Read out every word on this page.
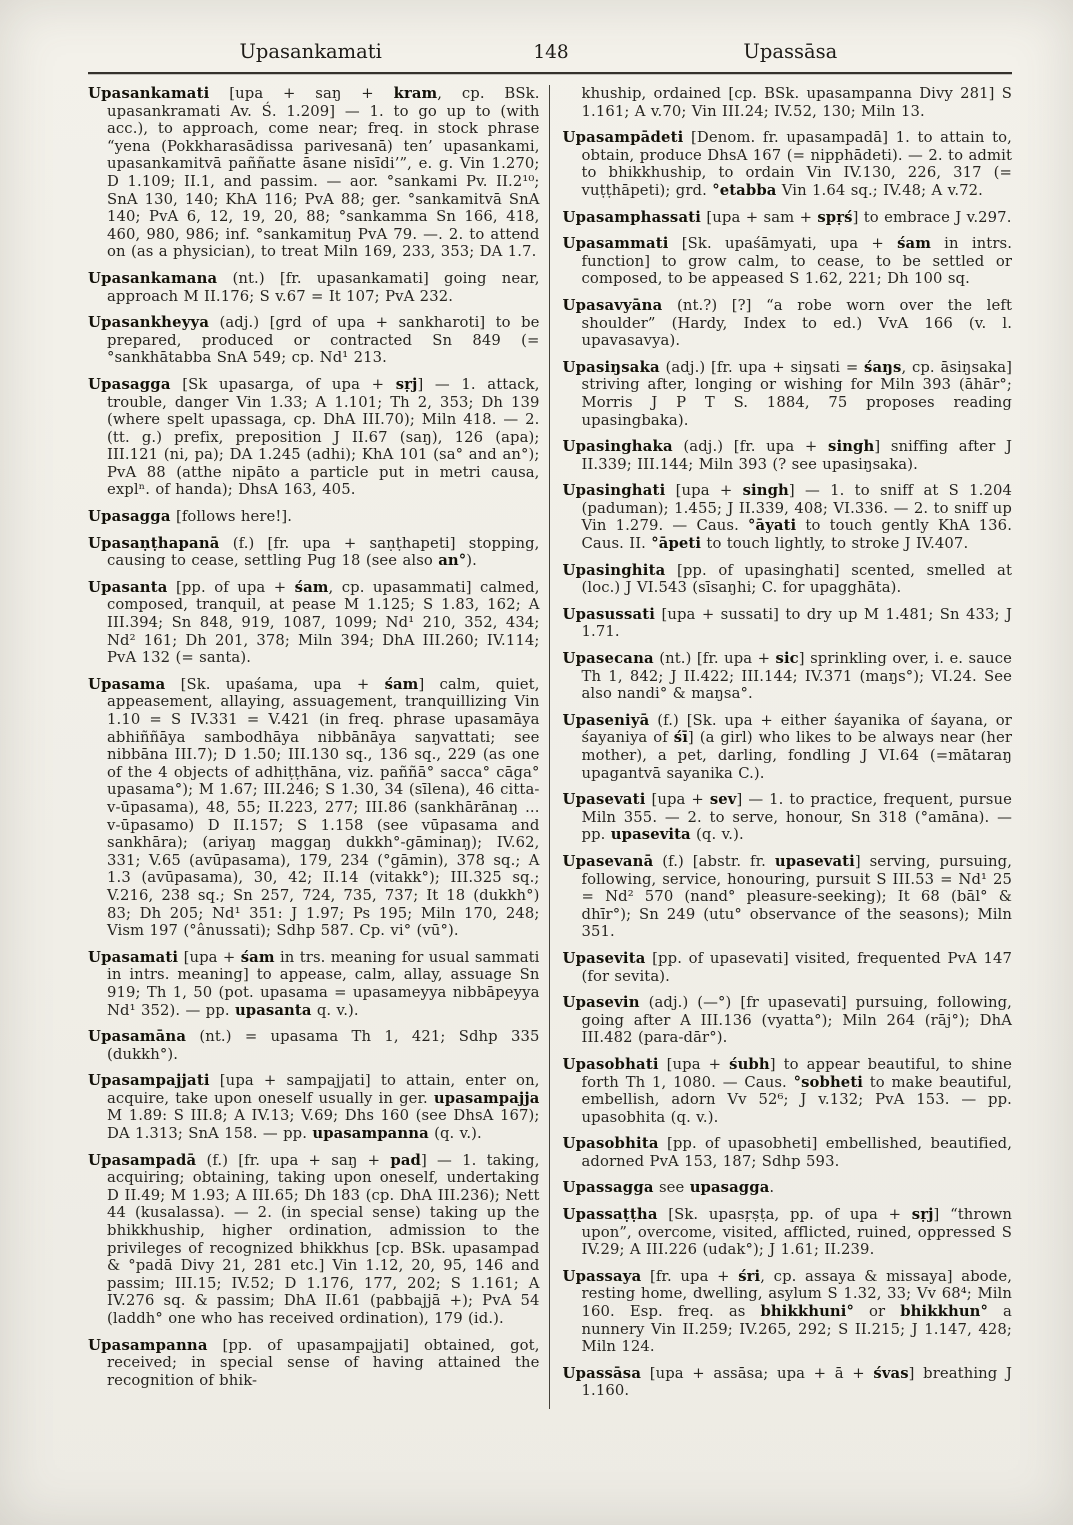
Upasankamati	148	Upassāsa

Upasankamati [upa + saŋ + kram, cp. BSk. upasankramati Av. Ś. 1.209] — 1. to go up to (with acc.), to approach, come near; freq. in stock phrase “yena (Pokkharasādissa parivesanā) ten’ upasankami, upasankamitvā paññatte āsane nisīdi’”, e. g. Vin 1.270; D 1.109; II.1, and passim. — aor. °sankami Pv. II.2¹⁰; SnA 130, 140; KhA 116; PvA 88; ger. °sankamitvā SnA 140; PvA 6, 12, 19, 20, 88; °sankamma Sn 166, 418, 460, 980, 986; inf. °sankamituŋ PvA 79. —. 2. to attend on (as a physician), to treat Miln 169, 233, 353; DA 1.7.

Upasankamana (nt.) [fr. upasankamati] going near, approach M II.176; S v.67 = It 107; PvA 232.

Upasankheyya (adj.) [grd of upa + sankharoti] to be prepared, produced or contracted Sn 849 (= °sankhātabba SnA 549; cp. Nd¹ 213.

Upasagga [Sk upasarga, of upa + sṛj] — 1. attack, trouble, danger Vin 1.33; A 1.101; Th 2, 353; Dh 139 (where spelt upassaga, cp. DhA III.70); Miln 418. — 2. (tt. g.) prefix, preposition J II.67 (saŋ), 126 (apa); III.121 (ni, pa); DA 1.245 (adhi); KhA 101 (sa° and an°); PvA 88 (atthe nipāto a particle put in metri causa, explⁿ. of handa); DhsA 163, 405.

Upasagga [follows here!].

Upasaṇṭhapanā (f.) [fr. upa + saṇṭhapeti] stopping, causing to cease, settling Pug 18 (see also an°).

Upasanta [pp. of upa + śam, cp. upasammati] calmed, composed, tranquil, at pease M 1.125; S 1.83, 162; A III.394; Sn 848, 919, 1087, 1099; Nd¹ 210, 352, 434; Nd² 161; Dh 201, 378; Miln 394; DhA III.260; IV.114; PvA 132 (= santa).

Upasama [Sk. upaśama, upa + śam] calm, quiet, appeasement, allaying, assuagement, tranquillizing Vin 1.10 = S IV.331 = V.421 (in freq. phrase upasamāya abhiññāya sambodhāya nibbānāya saŋvattati; see nibbāna III.7); D 1.50; III.130 sq., 136 sq., 229 (as one of the 4 objects of adhiṭṭhāna, viz. paññā° sacca° cāga° upasama°); M 1.67; III.246; S 1.30, 34 (sīlena), 46 citta-v-ūpasama), 48, 55; II.223, 277; III.86 (sankhārānaŋ ... v-ūpasamo) D II.157; S 1.158 (see vūpasama and sankhāra); (ariyaŋ maggaŋ dukkh°-gāminaŋ); IV.62, 331; V.65 (avūpasama), 179, 234 (°gāmin), 378 sq.; A 1.3 (avūpasama), 30, 42; II.14 (vitakk°); III.325 sq.; V.216, 238 sq.; Sn 257, 724, 735, 737; It 18 (dukkh°) 83; Dh 205; Nd¹ 351: J 1.97; Ps 195; Miln 170, 248; Vism 197 (°ânussati); Sdhp 587. Cp. vi° (vū°).

Upasamati [upa + śam in trs. meaning for usual sammati in intrs. meaning] to appease, calm, allay, assuage Sn 919; Th 1, 50 (pot. upasama = upasameyya nibbāpeyya Nd¹ 352). — pp. upasanta q. v.).

Upasamāna (nt.) = upasama Th 1, 421; Sdhp 335 (dukkh°).

Upasampajjati [upa + sampajjati] to attain, enter on, acquire, take upon oneself usually in ger. upasampajja M 1.89: S III.8; A IV.13; V.69; Dhs 160 (see DhsA 167); DA 1.313; SnA 158. — pp. upasampanna (q. v.).

Upasampadā (f.) [fr. upa + saŋ + pad] — 1. taking, acquiring; obtaining, taking upon oneself, undertaking D II.49; M 1.93; A III.65; Dh 183 (cp. DhA III.236); Nett 44 (kusalassa). — 2. (in special sense) taking up the bhikkhuship, higher ordination, admission to the privileges of recognized bhikkhus [cp. BSk. upasampad & °padā Divy 21, 281 etc.] Vin 1.12, 20, 95, 146 and passim; III.15; IV.52; D 1.176, 177, 202; S 1.161; A IV.276 sq. & passim; DhA II.61 (pabbajjā +); PvA 54 (laddh° one who has received ordination), 179 (id.).

Upasampanna [pp. of upasampajjati] obtained, got, received; in special sense of having attained the recognition of bhik-

khuship, ordained [cp. BSk. upasampanna Divy 281] S 1.161; A v.70; Vin III.24; IV.52, 130; Miln 13.

Upasampādeti [Denom. fr. upasampadā] 1. to attain to, obtain, produce DhsA 167 (= nipphādeti). — 2. to admit to bhikkhuship, to ordain Vin IV.130, 226, 317 (= vuṭṭhāpeti); grd. °etabba Vin 1.64 sq.; IV.48; A v.72.

Upasamphassati [upa + sam + spṛś] to embrace J v.297.

Upasammati [Sk. upaśāmyati, upa + śam in intrs. function] to grow calm, to cease, to be settled or composed, to be appeased S 1.62, 221; Dh 100 sq.

Upasavyāna (nt.?) [?] “a robe worn over the left shoulder” (Hardy, Index to ed.) VvA 166 (v. l. upavasavya).

Upasiŋsaka (adj.) [fr. upa + siŋsati = śaŋs, cp. āsiŋsaka] striving after, longing or wishing for Miln 393 (āhār°; Morris J P T S. 1884, 75 proposes reading upasingbaka).

Upasinghaka (adj.) [fr. upa + singh] sniffing after J II.339; III.144; Miln 393 (? see upasiŋsaka).

Upasinghati [upa + singh] — 1. to sniff at S 1.204 (paduman); 1.455; J II.339, 408; VI.336. — 2. to sniff up Vin 1.279. — Caus. °āyati to touch gently KhA 136. Caus. II. °āpeti to touch lightly, to stroke J IV.407.

Upasinghita [pp. of upasinghati] scented, smelled at (loc.) J VI.543 (sīsaŋhi; C. for upagghāta).

Upasussati [upa + sussati] to dry up M 1.481; Sn 433; J 1.71.

Upasecana (nt.) [fr. upa + sic] sprinkling over, i. e. sauce Th 1, 842; J II.422; III.144; IV.371 (maŋs°); VI.24. See also nandi° & maŋsa°.

Upaseniyā (f.) [Sk. upa + either śayanika of śayana, or śayaniya of śī] (a girl) who likes to be always near (her mother), a pet, darling, fondling J VI.64 (=mātaraŋ upagantvā sayanika C.).

Upasevati [upa + sev] — 1. to practice, frequent, pursue Miln 355. — 2. to serve, honour, Sn 318 (°amāna). — pp. upasevita (q. v.).

Upasevanā (f.) [abstr. fr. upasevati] serving, pursuing, following, service, honouring, pursuit S III.53 = Nd¹ 25 = Nd² 570 (nand° pleasure-seeking); It 68 (bāl° & dhīr°); Sn 249 (utu° observance of the seasons); Miln 351.

Upasevita [pp. of upasevati] visited, frequented PvA 147 (for sevita).

Upasevin (adj.) (—°) [fr upasevati] pursuing, following, going after A III.136 (vyatta°); Miln 264 (rāj°); DhA III.482 (para-dār°).

Upasobhati [upa + śubh] to appear beautiful, to shine forth Th 1, 1080. — Caus. °sobheti to make beautiful, embellish, adorn Vv 52⁶; J v.132; PvA 153. — pp. upasobhita (q. v.).

Upasobhita [pp. of upasobheti] embellished, beautified, adorned PvA 153, 187; Sdhp 593.

Upassagga see upasagga.

Upassaṭṭha [Sk. upasṛṣṭa, pp. of upa + sṛj] “thrown upon”, overcome, visited, afflicted, ruined, oppressed S IV.29; A III.226 (udak°); J 1.61; II.239.

Upassaya [fr. upa + śri, cp. assaya & missaya] abode, resting home, dwelling, asylum S 1.32, 33; Vv 68⁴; Miln 160. Esp. freq. as bhikkhuni° or bhikkhun° a nunnery Vin II.259; IV.265, 292; S II.215; J 1.147, 428; Miln 124.

Upassāsa [upa + assāsa; upa + ā + śvas] breathing J 1.160.
